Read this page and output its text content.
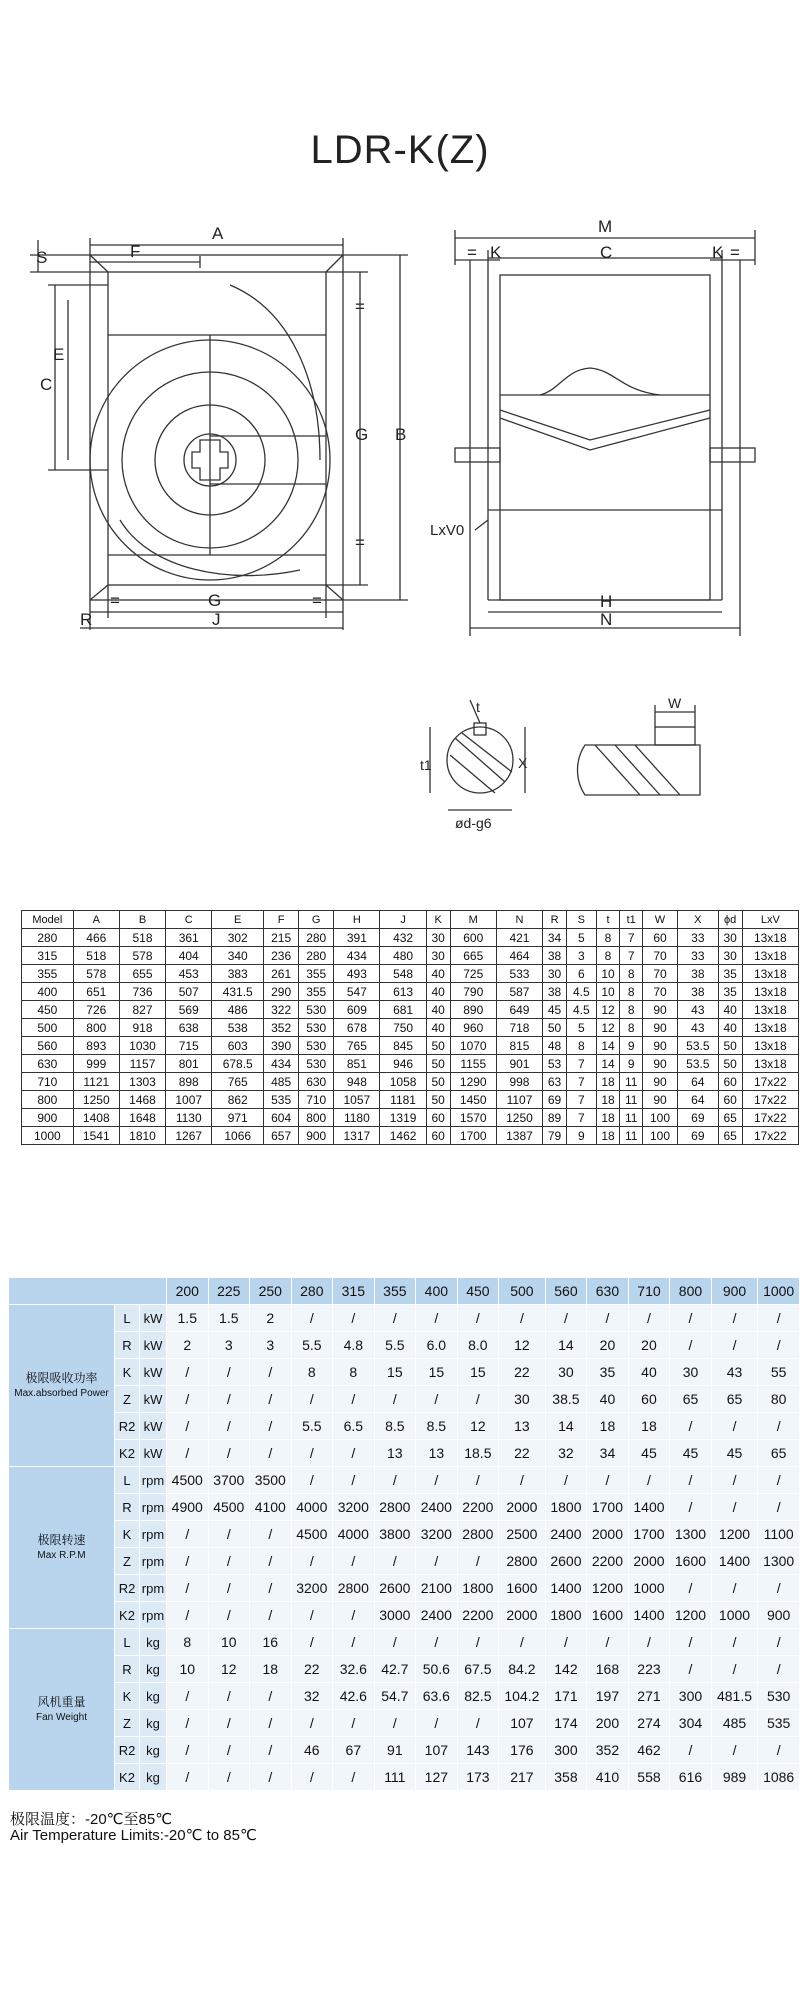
LDR-K(Z)
A
S	F
C
E
=
=
G B
=	=
G
R	J
M
= K	C	K =
LxV0
H
N
t
t1	X
ød-g6
W
Model	A	B	C	E	F	G	H	J	K	M	N	R	S	t	t1	W	X	ϕd	LxV
280	466	518	361	302	215	280	391	432	30	600	421	34	5	8	7	60	33	30	13x18
315	518	578	404	340	236	280	434	480	30	665	464	38	3	8	7	70	33	30	13x18
355	578	655	453	383	261	355	493	548	40	725	533	30	6	10	8	70	38	35	13x18
400	651	736	507	431.5	290	355	547	613	40	790	587	38	4.5	10	8	70	38	35	13x18
450	726	827	569	486	322	530	609	681	40	890	649	45	4.5	12	8	90	43	40	13x18
500	800	918	638	538	352	530	678	750	40	960	718	50	5	12	8	90	43	40	13x18
560	893	1030	715	603	390	530	765	845	50	1070	815	48	8	14	9	90	53.5	50	13x18
630	999	1157	801	678.5	434	530	851	946	50	1155	901	53	7	14	9	90	53.5	50	13x18
710	1121	1303	898	765	485	630	948	1058	50	1290	998	63	7	18	11	90	64	60	17x22
800	1250	1468	1007	862	535	710	1057	1181	50	1450	1107	69	7	18	11	90	64	60	17x22
900	1408	1648	1130	971	604	800	1180	1319	60	1570	1250	89	7	18	11	100	69	65	17x22
1000	1541	1810	1267	1066	657	900	1317	1462	60	1700	1387	79	9	18	11	100	69	65	17x22
			200	225	250	280	315	355	400	450	500	560	630	710	800	900	1000
极限吸收功率

Max.absorbed Power	L	kW	1.5	1.5	2	/	/	/	/	/	/	/	/	/	/	/	/
	R	kW	2	3	3	5.5	4.8	5.5	6.0	8.0	12	14	20	20	/	/	/
	K	kW	/	/	/	8	8	15	15	15	22	30	35	40	30	43	55
	Z	kW	/	/	/	/	/	/	/	/	30	38.5	40	60	65	65	80
	R2	kW	/	/	/	5.5	6.5	8.5	8.5	12	13	14	18	18	/	/	/
	K2	kW	/	/	/	/	/	13	13	18.5	22	32	34	45	45	45	65
极限转速

Max R.P.M	L	rpm	4500	3700	3500	/	/	/	/	/	/	/	/	/	/	/	/
	R	rpm	4900	4500	4100	4000	3200	2800	2400	2200	2000	1800	1700	1400	/	/	/
	K	rpm	/	/	/	4500	4000	3800	3200	2800	2500	2400	2000	1700	1300	1200	1100
	Z	rpm	/	/	/	/	/	/	/	/	2800	2600	2200	2000	1600	1400	1300
	R2	rpm	/	/	/	3200	2800	2600	2100	1800	1600	1400	1200	1000	/	/	/
	K2	rpm	/	/	/	/	/	3000	2400	2200	2000	1800	1600	1400	1200	1000	900
风机重量

Fan Weight	L	kg	8	10	16	/	/	/	/	/	/	/	/	/	/	/	/
	R	kg	10	12	18	22	32.6	42.7	50.6	67.5	84.2	142	168	223	/	/	/
	K	kg	/	/	/	32	42.6	54.7	63.6	82.5	104.2	171	197	271	300	481.5	530
	Z	kg	/	/	/	/	/	/	/	/	107	174	200	274	304	485	535
	R2	kg	/	/	/	46	67	91	107	143	176	300	352	462	/	/	/
	K2	kg	/	/	/	/	/	111	127	173	217	358	410	558	616	989	1086
极限温度：-20℃至85℃
Air Temperature Limits:-20℃ to 85℃
